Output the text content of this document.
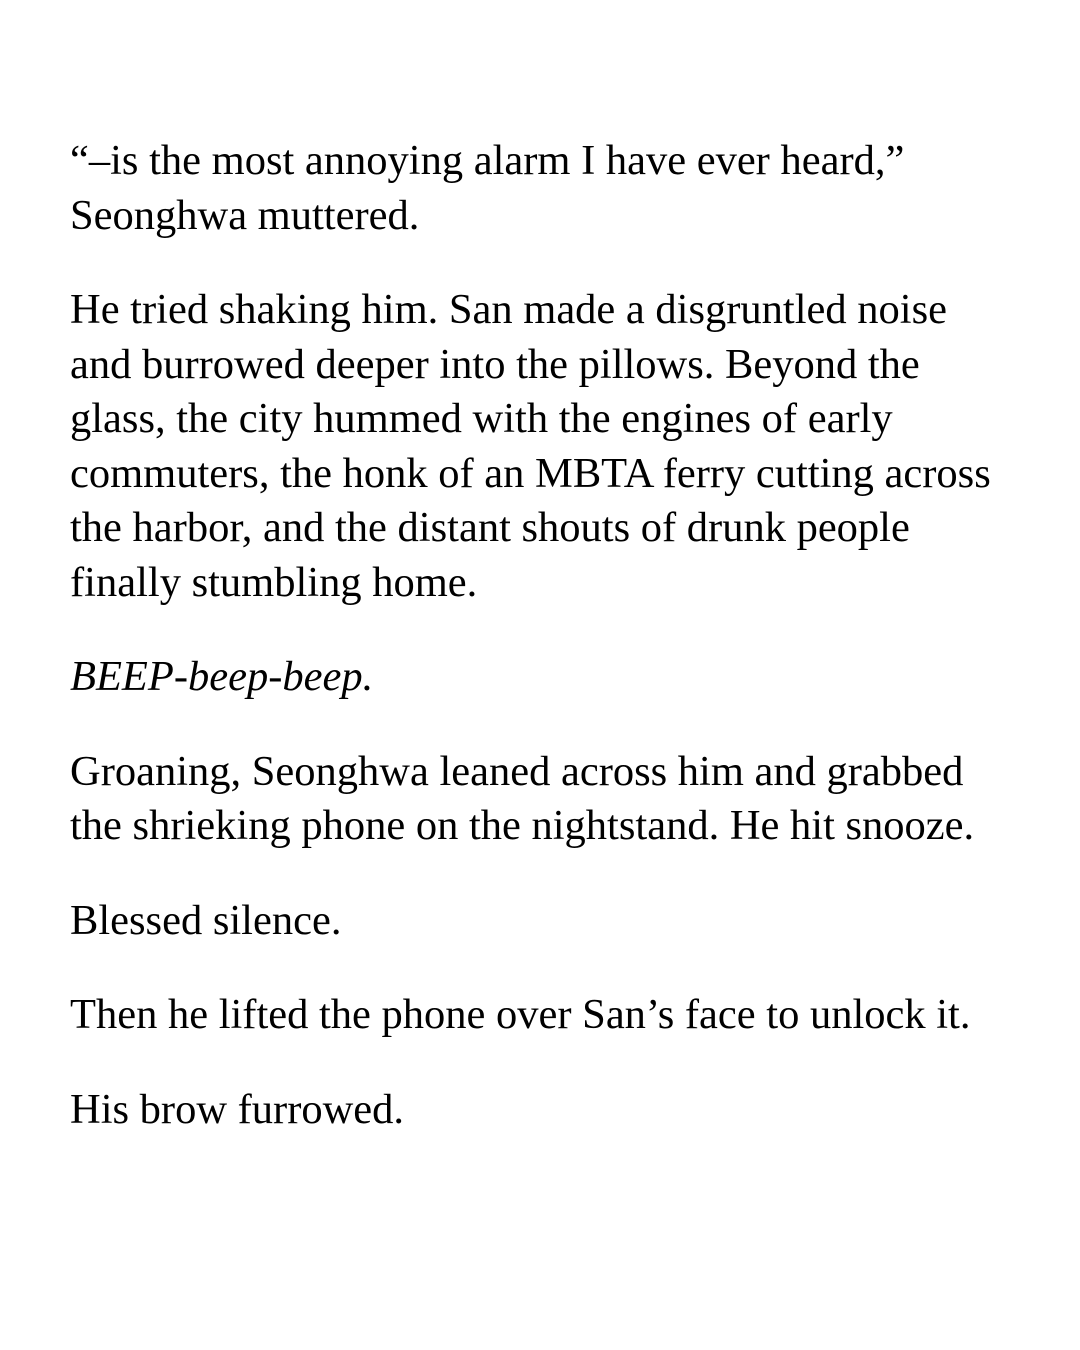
“–is the most annoying alarm I have ever heard,” Seonghwa muttered.

He tried shaking him. San made a disgruntled noise and burrowed deeper into the pillows. Beyond the glass, the city hummed with the engines of early commuters, the honk of an MBTA ferry cutting across the harbor, and the distant shouts of drunk people finally stumbling home.

BEEP-beep-beep.

Groaning, Seonghwa leaned across him and grabbed the shrieking phone on the nightstand. He hit snooze.

Blessed silence.

Then he lifted the phone over San’s face to unlock it.

His brow furrowed.
